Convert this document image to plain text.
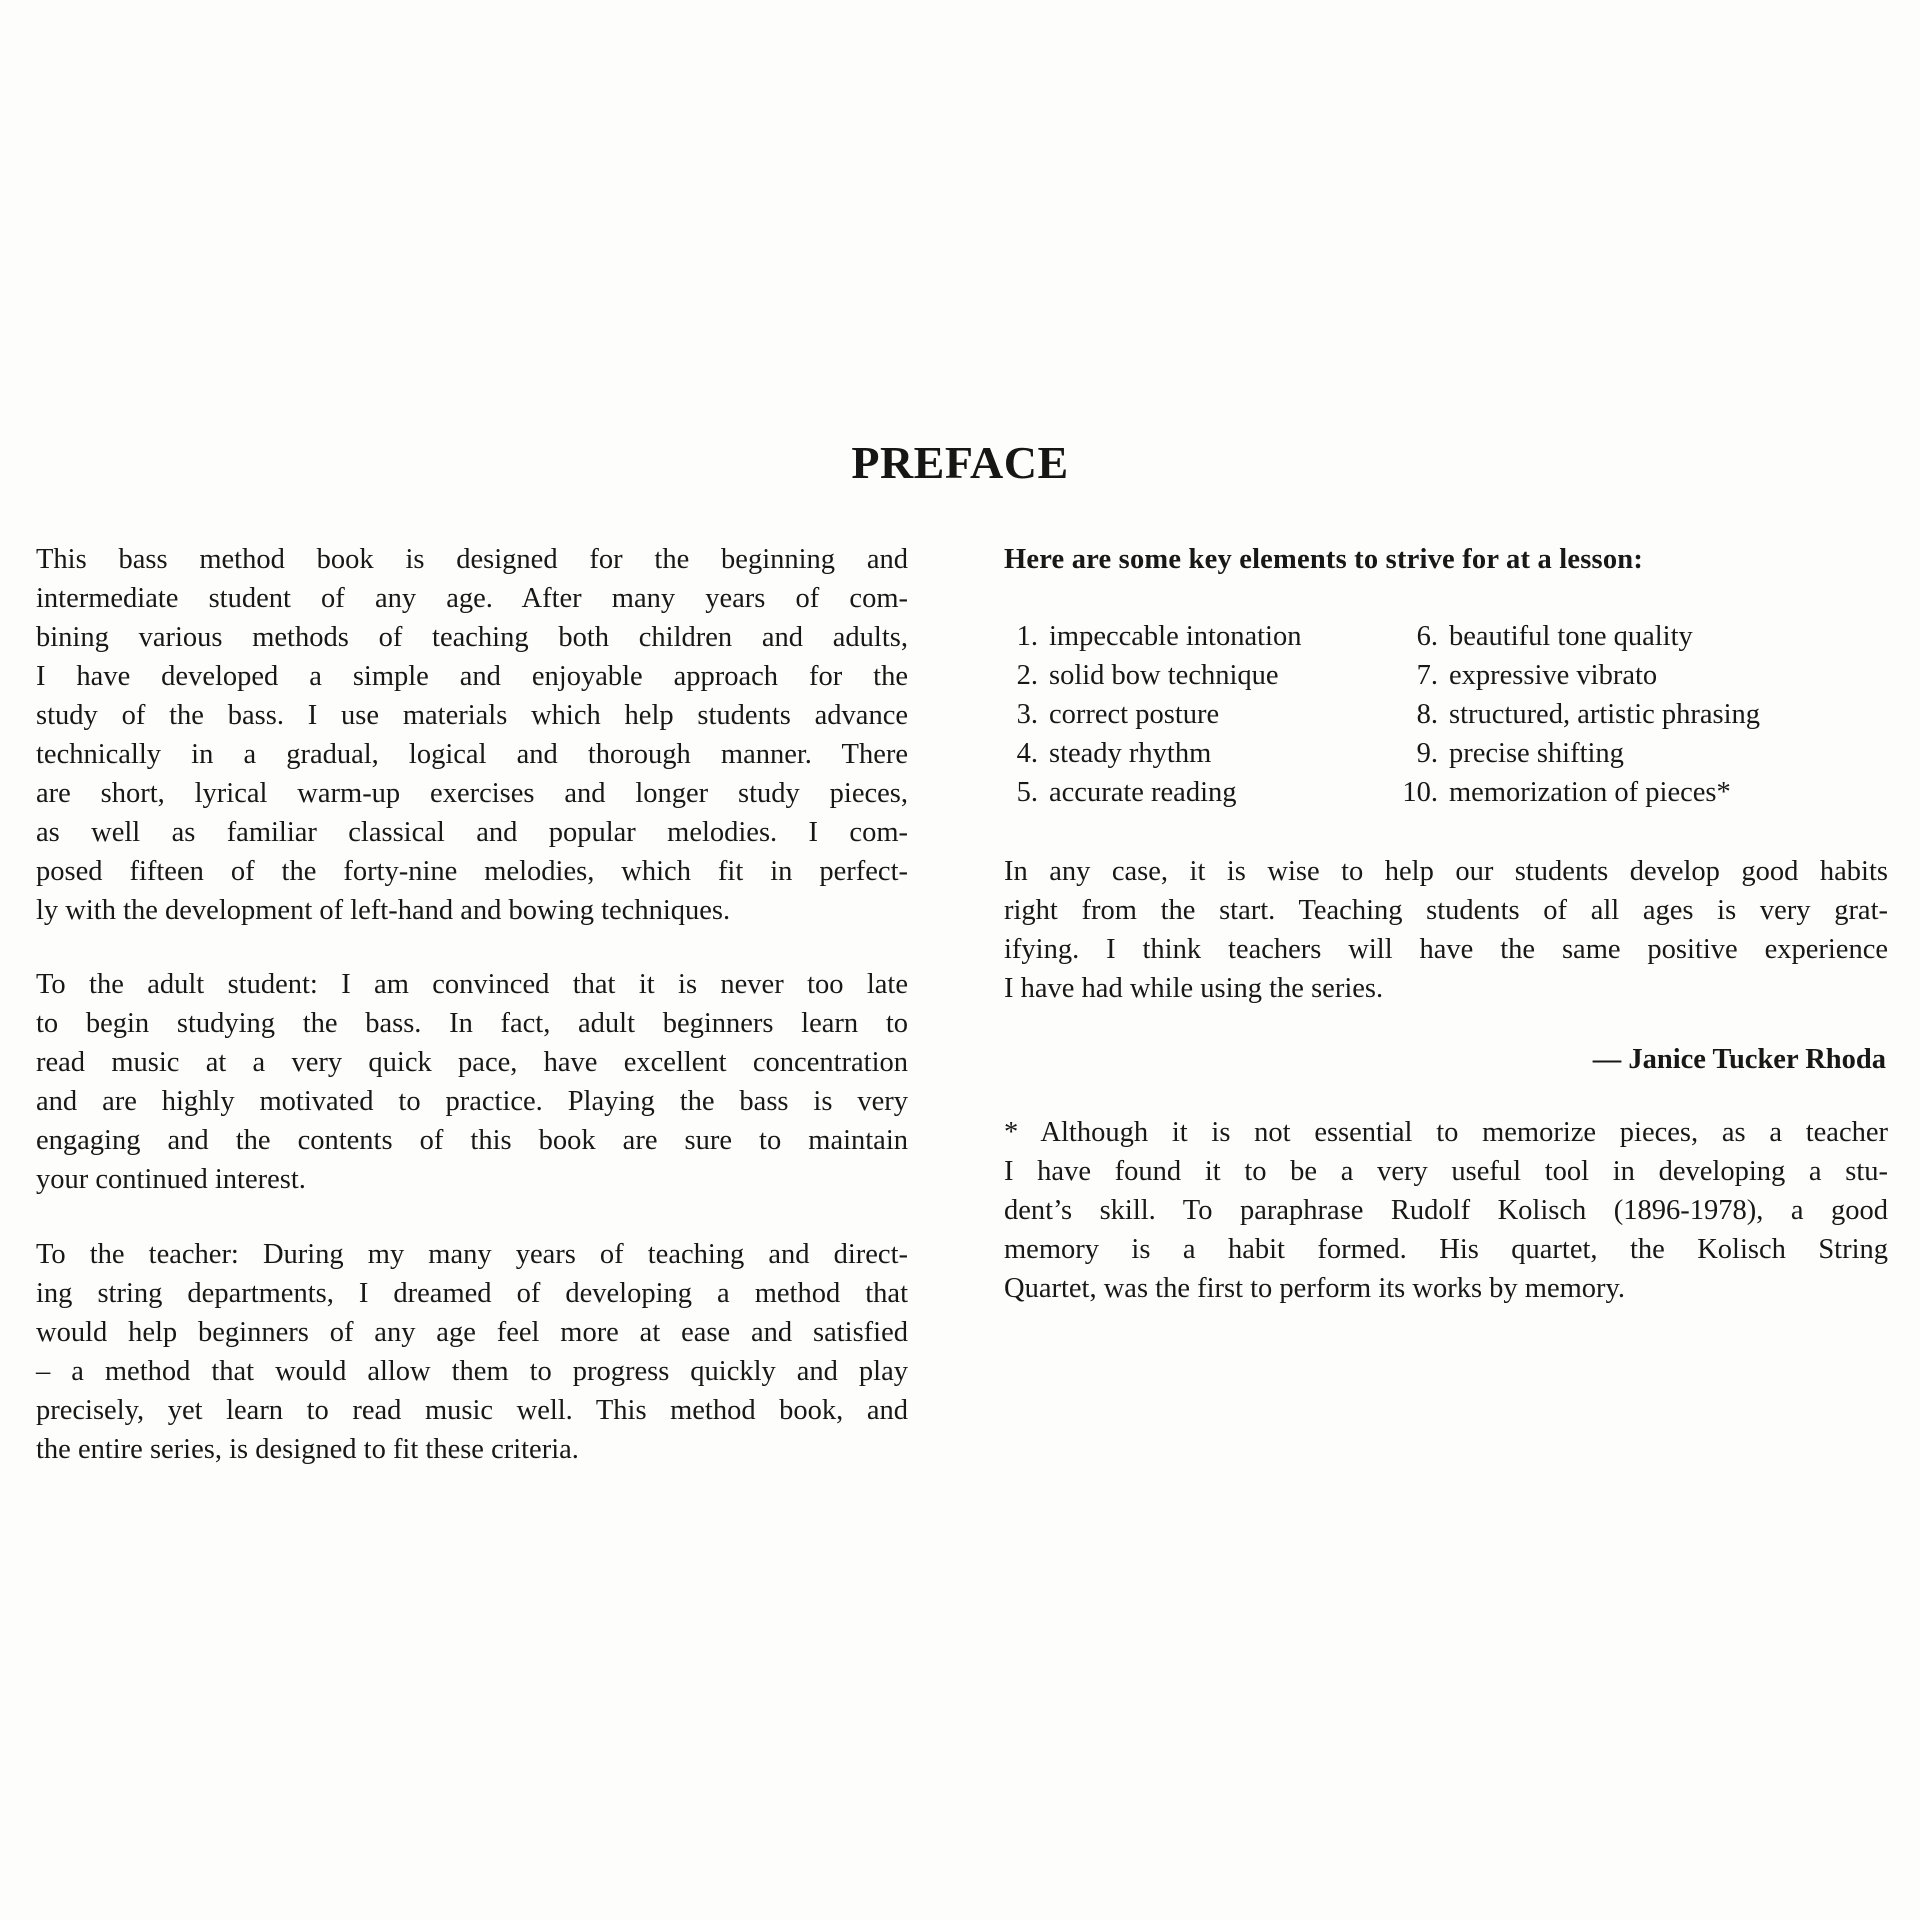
PREFACE
This bass method book is designed for the beginning and
intermediate student of any age. After many years of com-
bining various methods of teaching both children and adults,
I have developed a simple and enjoyable approach for the
study of the bass. I use materials which help students advance
technically in a gradual, logical and thorough manner. There
are short, lyrical warm-up exercises and longer study pieces,
as well as familiar classical and popular melodies. I com-
posed fifteen of the forty-nine melodies, which fit in perfect-
ly with the development of left-hand and bowing techniques.
To the adult student: I am convinced that it is never too late
to begin studying the bass. In fact, adult beginners learn to
read music at a very quick pace, have excellent concentration
and are highly motivated to practice. Playing the bass is very
engaging and the contents of this book are sure to maintain
your continued interest.
To the teacher: During my many years of teaching and direct-
ing string departments, I dreamed of developing a method that
would help beginners of any age feel more at ease and satisfied
– a method that would allow them to progress quickly and play
precisely, yet learn to read music well. This method book, and
the entire series, is designed to fit these criteria.
Here are some key elements to strive for at a lesson:
1. impeccable intonation
2. solid bow technique
3. correct posture
4. steady rhythm
5. accurate reading
6. beautiful tone quality
7. expressive vibrato
8. structured, artistic phrasing
9. precise shifting
10. memorization of pieces*
In any case, it is wise to help our students develop good habits
right from the start. Teaching students of all ages is very grat-
ifying. I think teachers will have the same positive experience
I have had while using the series.
— Janice Tucker Rhoda
* Although it is not essential to memorize pieces, as a teacher
I have found it to be a very useful tool in developing a stu-
dent’s skill. To paraphrase Rudolf Kolisch (1896-1978), a good
memory is a habit formed. His quartet, the Kolisch String
Quartet, was the first to perform its works by memory.
